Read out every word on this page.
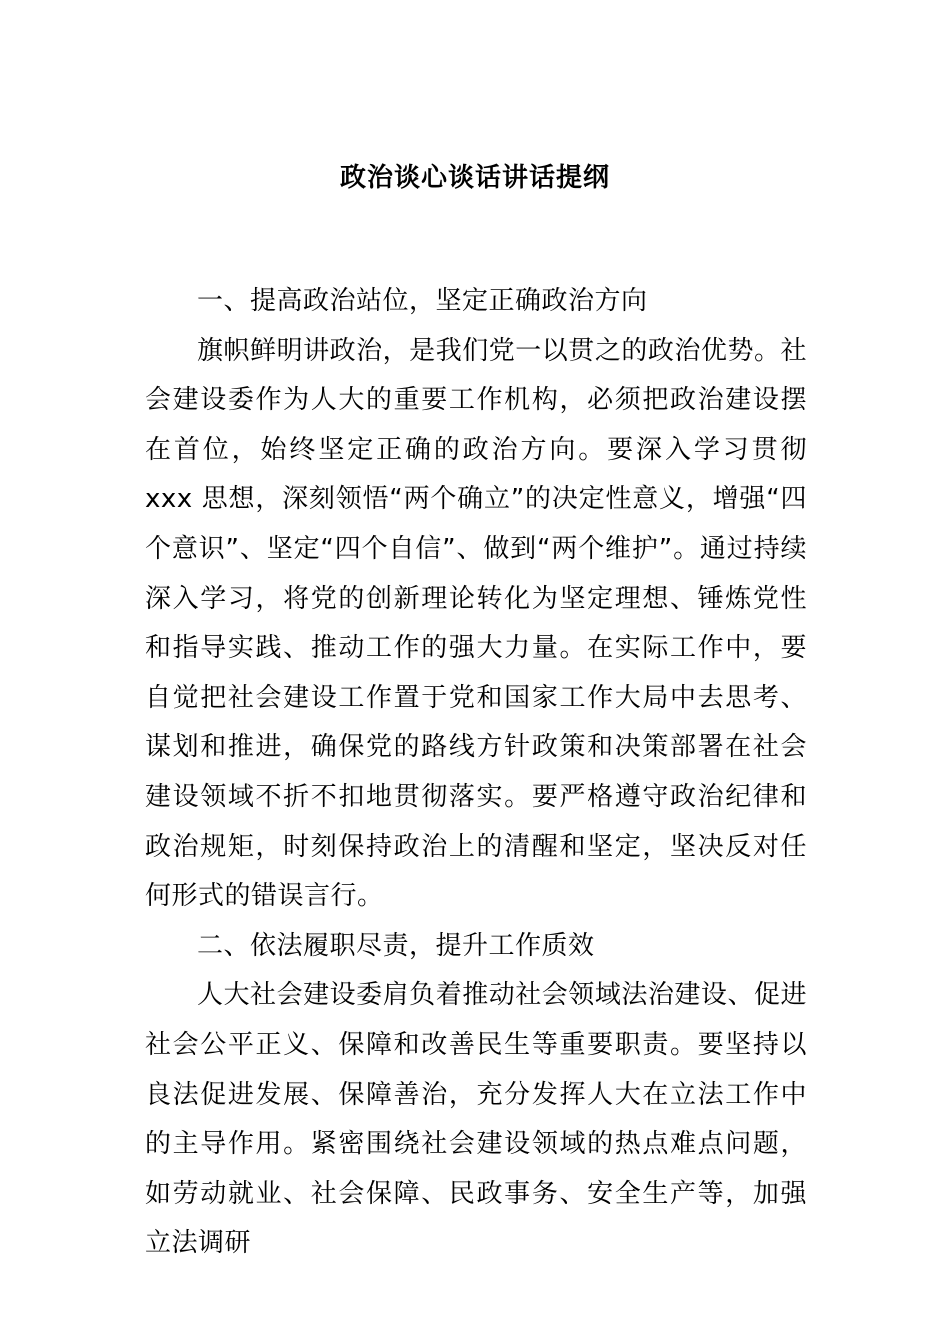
政治谈心谈话讲话提纲

一、提高政治站位，坚定正确政治方向

旗帜鲜明讲政治，是我们党一以贯之的政治优势。社会建设委作为人大的重要工作机构，必须把政治建设摆在首位，始终坚定正确的政治方向。要深入学习贯彻 xxx 思想，深刻领悟“两个确立”的决定性意义，增强“四个意识”、坚定“四个自信”、做到“两个维护”。通过持续深入学习，将党的创新理论转化为坚定理想、锤炼党性和指导实践、推动工作的强大力量。在实际工作中，要自觉把社会建设工作置于党和国家工作大局中去思考、谋划和推进，确保党的路线方针政策和决策部署在社会建设领域不折不扣地贯彻落实。要严格遵守政治纪律和政治规矩，时刻保持政治上的清醒和坚定，坚决反对任何形式的错误言行。

二、依法履职尽责，提升工作质效

人大社会建设委肩负着推动社会领域法治建设、促进社会公平正义、保障和改善民生等重要职责。要坚持以良法促进发展、保障善治，充分发挥人大在立法工作中的主导作用。紧密围绕社会建设领域的热点难点问题，如劳动就业、社会保障、民政事务、安全生产等，加强立法调研
